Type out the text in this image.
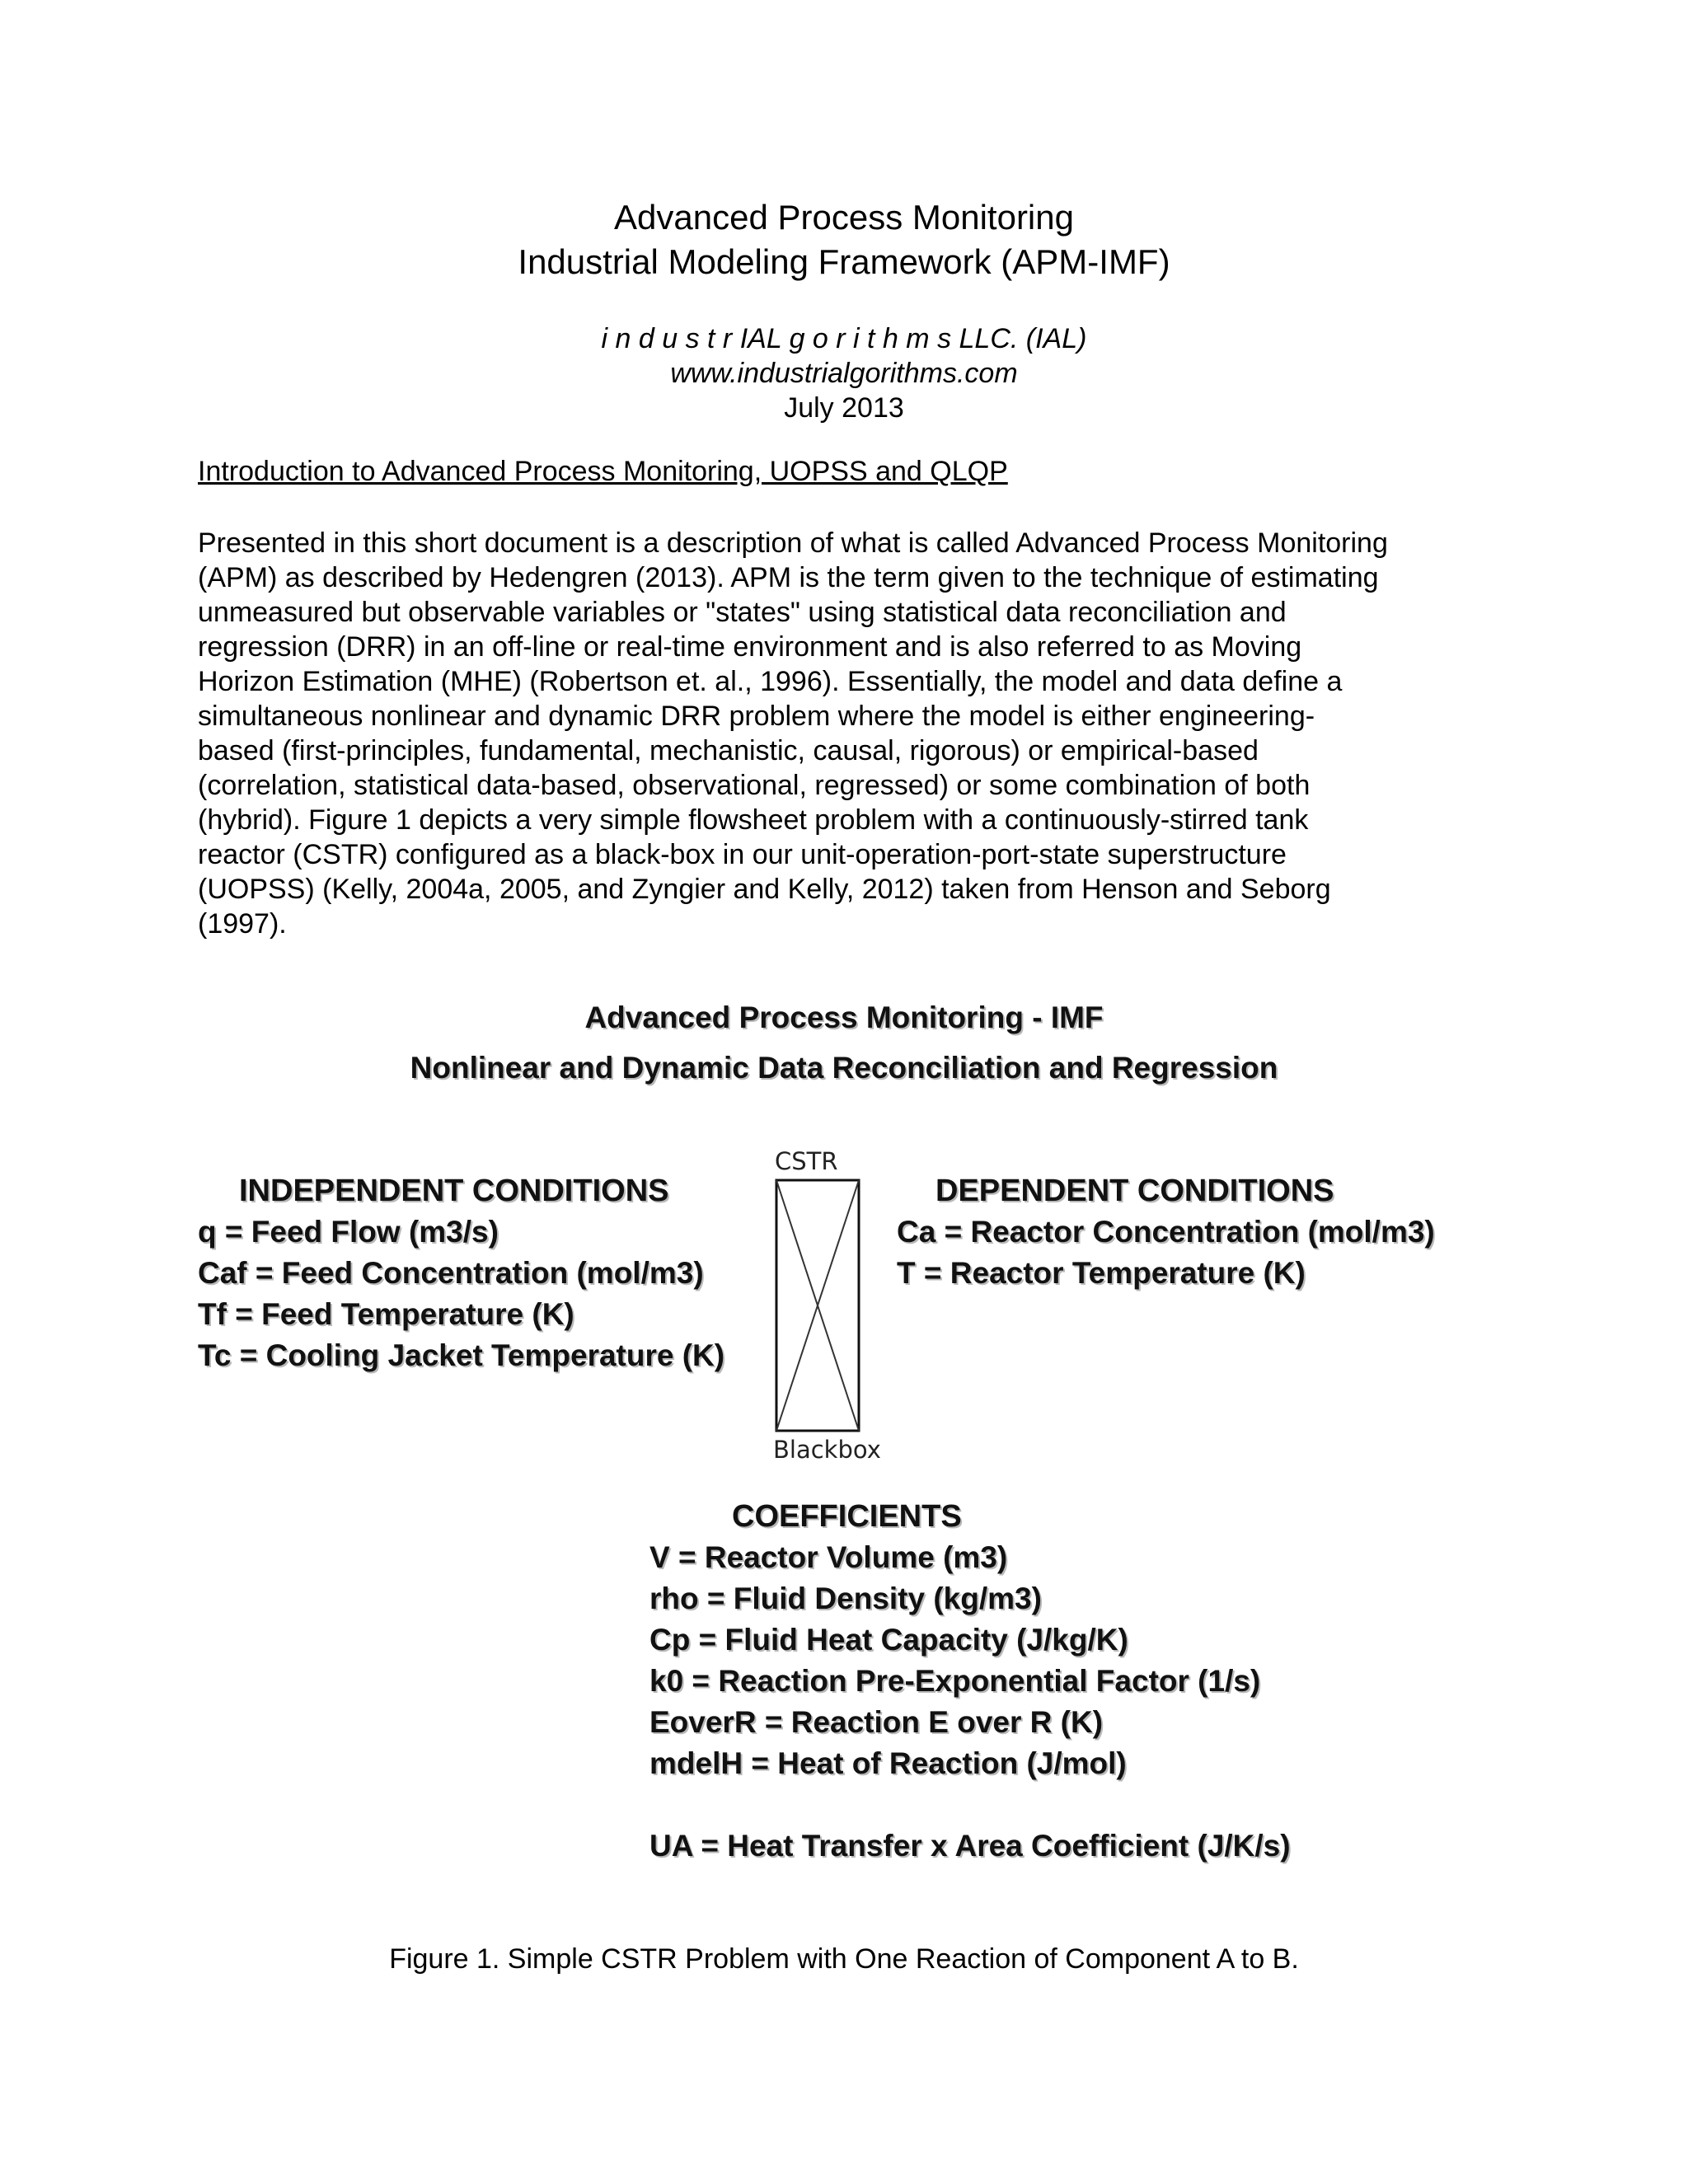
Advanced Process Monitoring
Industrial Modeling Framework (APM-IMF)
i n d u s t r IAL g o r i t h m s LLC. (IAL)
www.industrialgorithms.com
July 2013
Introduction to Advanced Process Monitoring, UOPSS and QLQP
Presented in this short document is a description of what is called Advanced Process Monitoring
(APM) as described by Hedengren (2013). APM is the term given to the technique of estimating
unmeasured but observable variables or "states" using statistical data reconciliation and
regression (DRR) in an off-line or real-time environment and is also referred to as Moving
Horizon Estimation (MHE) (Robertson et. al., 1996). Essentially, the model and data define a
simultaneous nonlinear and dynamic DRR problem where the model is either engineering-
based (first-principles, fundamental, mechanistic, causal, rigorous) or empirical-based
(correlation, statistical data-based, observational, regressed) or some combination of both
(hybrid). Figure 1 depicts a very simple flowsheet problem with a continuously-stirred tank
reactor (CSTR) configured as a black-box in our unit-operation-port-state superstructure
(UOPSS) (Kelly, 2004a, 2005, and Zyngier and Kelly, 2012) taken from Henson and Seborg
(1997).
Advanced Process Monitoring - IMF
Nonlinear and Dynamic Data Reconciliation and Regression
CSTR
Blackbox
INDEPENDENT CONDITIONS
q = Feed Flow (m3/s)
Caf = Feed Concentration (mol/m3)
Tf = Feed Temperature (K)
Tc = Cooling Jacket Temperature (K)
DEPENDENT CONDITIONS
Ca = Reactor Concentration (mol/m3)
T = Reactor Temperature (K)
COEFFICIENTS
V = Reactor Volume (m3)
rho = Fluid Density (kg/m3)
Cp = Fluid Heat Capacity (J/kg/K)
k0 = Reaction Pre-Exponential Factor (1/s)
EoverR = Reaction E over R (K)
mdelH = Heat of Reaction (J/mol)
UA = Heat Transfer x Area Coefficient (J/K/s)
Figure 1. Simple CSTR Problem with One Reaction of Component A to B.
